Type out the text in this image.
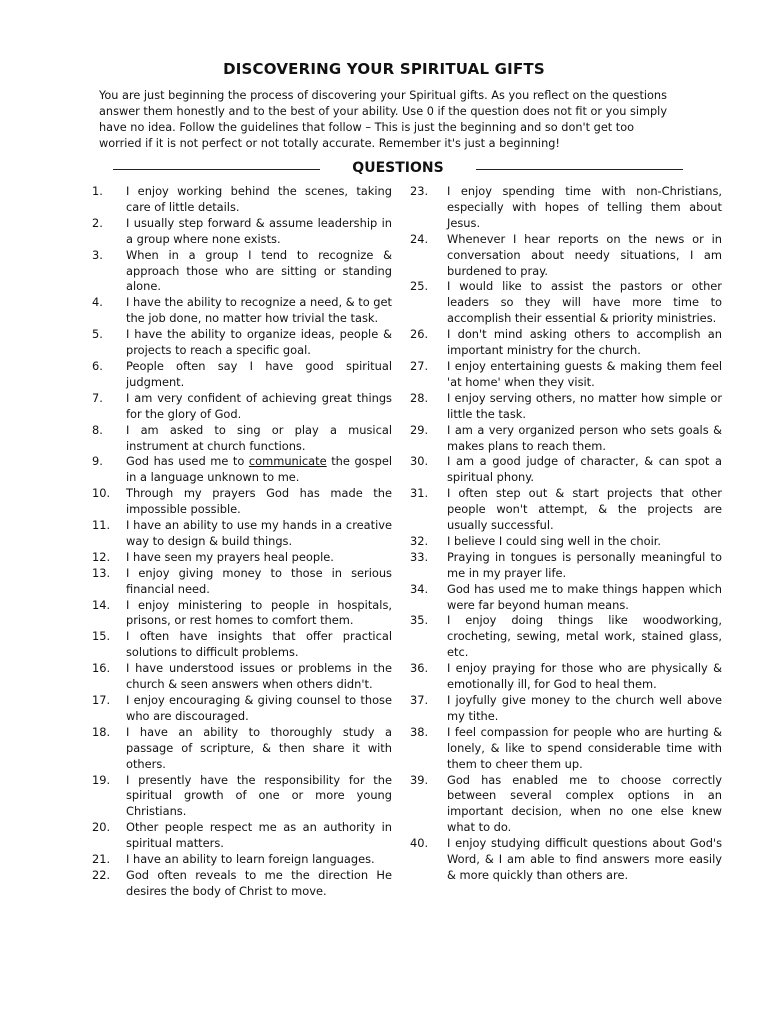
DISCOVERING YOUR SPIRITUAL GIFTS

You are just beginning the process of discovering your Spiritual gifts. As you reflect on the questions answer them honestly and to the best of your ability. Use 0 if the question does not fit or you simply have no idea. Follow the guidelines that follow – This is just the beginning and so don't get too worried if it is not perfect or not totally accurate. Remember it's just a beginning!

QUESTIONS
1. I enjoy working behind the scenes, taking care of little details.
2. I usually step forward & assume leadership in a group where none exists.
3. When in a group I tend to recognize & approach those who are sitting or standing alone.
4. I have the ability to recognize a need, & to get the job done, no matter how trivial the task.
5. I have the ability to organize ideas, people & projects to reach a specific goal.
6. People often say I have good spiritual judgment.
7. I am very confident of achieving great things for the glory of God.
8. I am asked to sing or play a musical instrument at church functions.
9. God has used me to communicate the gospel in a language unknown to me.
10. Through my prayers God has made the impossible possible.
11. I have an ability to use my hands in a creative way to design & build things.
12. I have seen my prayers heal people.
13. I enjoy giving money to those in serious financial need.
14. I enjoy ministering to people in hospitals, prisons, or rest homes to comfort them.
15. I often have insights that offer practical solutions to difficult problems.
16. I have understood issues or problems in the church & seen answers when others didn't.
17. I enjoy encouraging & giving counsel to those who are discouraged.
18. I have an ability to thoroughly study a passage of scripture, & then share it with others.
19. I presently have the responsibility for the spiritual growth of one or more young Christians.
20. Other people respect me as an authority in spiritual matters.
21. I have an ability to learn foreign languages.
22. God often reveals to me the direction He desires the body of Christ to move.
23. I enjoy spending time with non-Christians, especially with hopes of telling them about Jesus.
24. Whenever I hear reports on the news or in conversation about needy situations, I am burdened to pray.
25. I would like to assist the pastors or other leaders so they will have more time to accomplish their essential & priority ministries.
26. I don't mind asking others to accomplish an important ministry for the church.
27. I enjoy entertaining guests & making them feel 'at home' when they visit.
28. I enjoy serving others, no matter how simple or little the task.
29. I am a very organized person who sets goals & makes plans to reach them.
30. I am a good judge of character, & can spot a spiritual phony.
31. I often step out & start projects that other people won't attempt, & the projects are usually successful.
32. I believe I could sing well in the choir.
33. Praying in tongues is personally meaningful to me in my prayer life.
34. God has used me to make things happen which were far beyond human means.
35. I enjoy doing things like woodworking, crocheting, sewing, metal work, stained glass, etc.
36. I enjoy praying for those who are physically & emotionally ill, for God to heal them.
37. I joyfully give money to the church well above my tithe.
38. I feel compassion for people who are hurting & lonely, & like to spend considerable time with them to cheer them up.
39. God has enabled me to choose correctly between several complex options in an important decision, when no one else knew what to do.
40. I enjoy studying difficult questions about God's Word, & I am able to find answers more easily & more quickly than others are.
